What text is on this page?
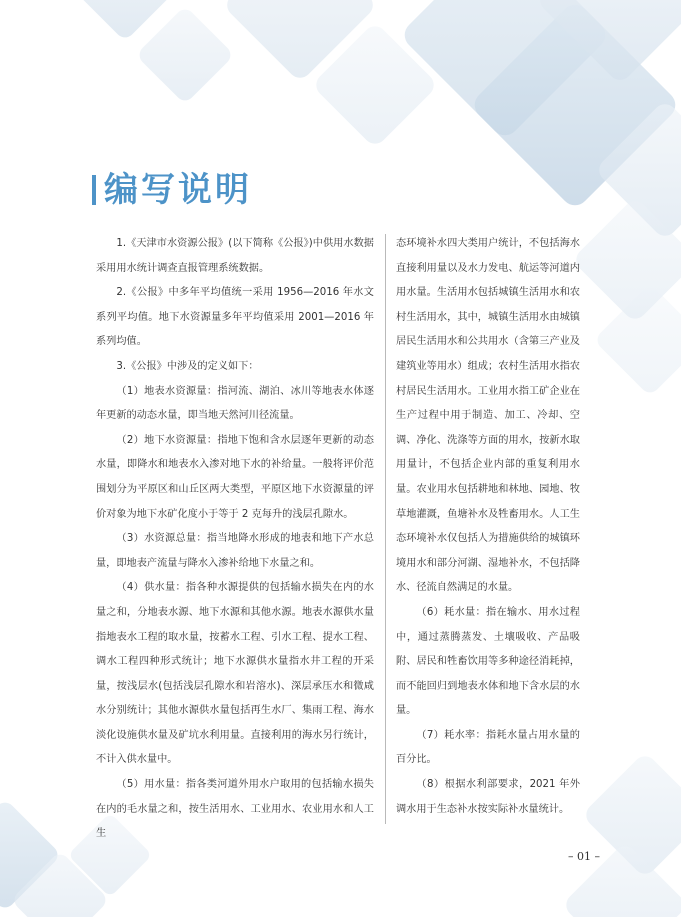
编写说明

1.《天津市水资源公报》(以下简称《公报》)中供用水数据采用用水统计调查直报管理系统数据。

2.《公报》中多年平均值统一采用 1956—2016 年水文系列平均值。地下水资源量多年平均值采用 2001—2016 年系列均值。

3.《公报》中涉及的定义如下：

（1）地表水资源量：指河流、湖泊、冰川等地表水体逐年更新的动态水量，即当地天然河川径流量。

（2）地下水资源量：指地下饱和含水层逐年更新的动态水量，即降水和地表水入渗对地下水的补给量。一般将评价范围划分为平原区和山丘区两大类型，平原区地下水资源量的评价对象为地下水矿化度小于等于 2 克每升的浅层孔隙水。

（3）水资源总量：指当地降水形成的地表和地下产水总量，即地表产流量与降水入渗补给地下水量之和。

（4）供水量：指各种水源提供的包括输水损失在内的水量之和，分地表水源、地下水源和其他水源。地表水源供水量指地表水工程的取水量，按蓄水工程、引水工程、提水工程、调水工程四种形式统计；地下水源供水量指水井工程的开采量，按浅层水(包括浅层孔隙水和岩溶水)、深层承压水和微咸水分别统计；其他水源供水量包括再生水厂、集雨工程、海水淡化设施供水量及矿坑水利用量。直接利用的海水另行统计，不计入供水量中。

（5）用水量：指各类河道外用水户取用的包括输水损失在内的毛水量之和，按生活用水、工业用水、农业用水和人工生

态环境补水四大类用户统计，不包括海水直接利用量以及水力发电、航运等河道内用水量。生活用水包括城镇生活用水和农村生活用水，其中，城镇生活用水由城镇居民生活用水和公共用水（含第三产业及建筑业等用水）组成；农村生活用水指农村居民生活用水。工业用水指工矿企业在生产过程中用于制造、加工、冷却、空调、净化、洗涤等方面的用水，按新水取用量计，不包括企业内部的重复利用水量。农业用水包括耕地和林地、园地、牧草地灌溉，鱼塘补水及牲畜用水。人工生态环境补水仅包括人为措施供给的城镇环境用水和部分河湖、湿地补水，不包括降水、径流自然满足的水量。

（6）耗水量：指在输水、用水过程中，通过蒸腾蒸发、土壤吸收、产品吸附、居民和牲畜饮用等多种途径消耗掉，而不能回归到地表水体和地下含水层的水量。

（7）耗水率：指耗水量占用水量的百分比。

（8）根据水利部要求，2021 年外调水用于生态补水按实际补水量统计。

– 01 –
